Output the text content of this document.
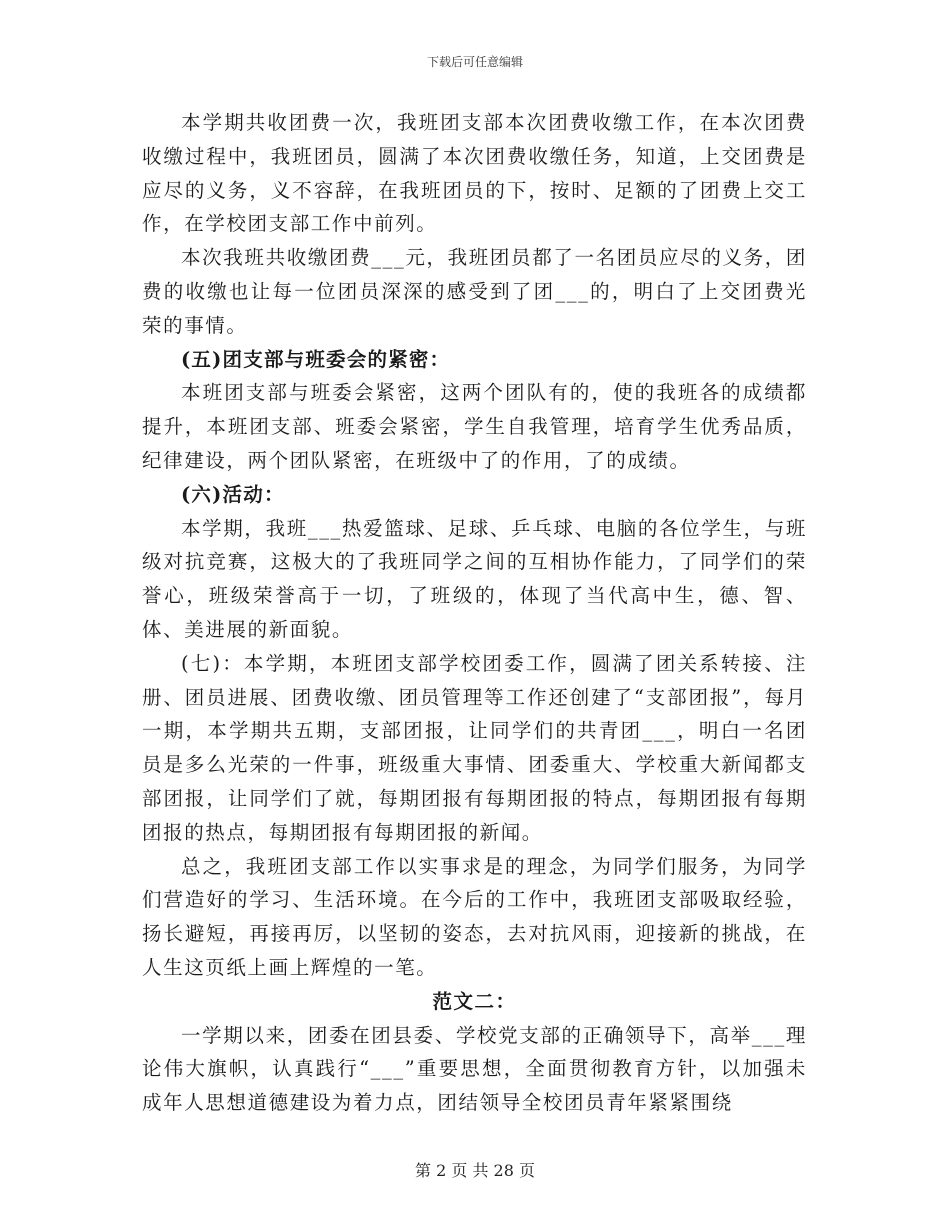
下载后可任意编辑

本学期共收团费一次，我班团支部本次团费收缴工作，在本次团费收缴过程中，我班团员，圆满了本次团费收缴任务，知道，上交团费是应尽的义务，义不容辞，在我班团员的下，按时、足额的了团费上交工作，在学校团支部工作中前列。

本次我班共收缴团费___元，我班团员都了一名团员应尽的义务，团费的收缴也让每一位团员深深的感受到了团___的，明白了上交团费光荣的事情。

(五)团支部与班委会的紧密：

本班团支部与班委会紧密，这两个团队有的，使的我班各的成绩都提升，本班团支部、班委会紧密，学生自我管理，培育学生优秀品质，纪律建设，两个团队紧密，在班级中了的作用，了的成绩。

(六)活动：

本学期，我班___热爱篮球、足球、乒乓球、电脑的各位学生，与班级对抗竞赛，这极大的了我班同学之间的互相协作能力，了同学们的荣誉心，班级荣誉高于一切，了班级的，体现了当代高中生，德、智、体、美进展的新面貌。

(七)：本学期，本班团支部学校团委工作，圆满了团关系转接、注册、团员进展、团费收缴、团员管理等工作还创建了“支部团报”，每月一期，本学期共五期，支部团报，让同学们的共青团___，明白一名团员是多么光荣的一件事，班级重大事情、团委重大、学校重大新闻都支部团报，让同学们了就，每期团报有每期团报的特点，每期团报有每期团报的热点，每期团报有每期团报的新闻。

总之，我班团支部工作以实事求是的理念，为同学们服务，为同学们营造好的学习、生活环境。在今后的工作中，我班团支部吸取经验，扬长避短，再接再厉，以坚韧的姿态，去对抗风雨，迎接新的挑战，在人生这页纸上画上辉煌的一笔。

范文二：

一学期以来，团委在团县委、学校党支部的正确领导下，高举___理论伟大旗帜，认真践行“___”重要思想，全面贯彻教育方针，以加强未成年人思想道德建设为着力点，团结领导全校团员青年紧紧围绕

第 2 页 共 28 页
